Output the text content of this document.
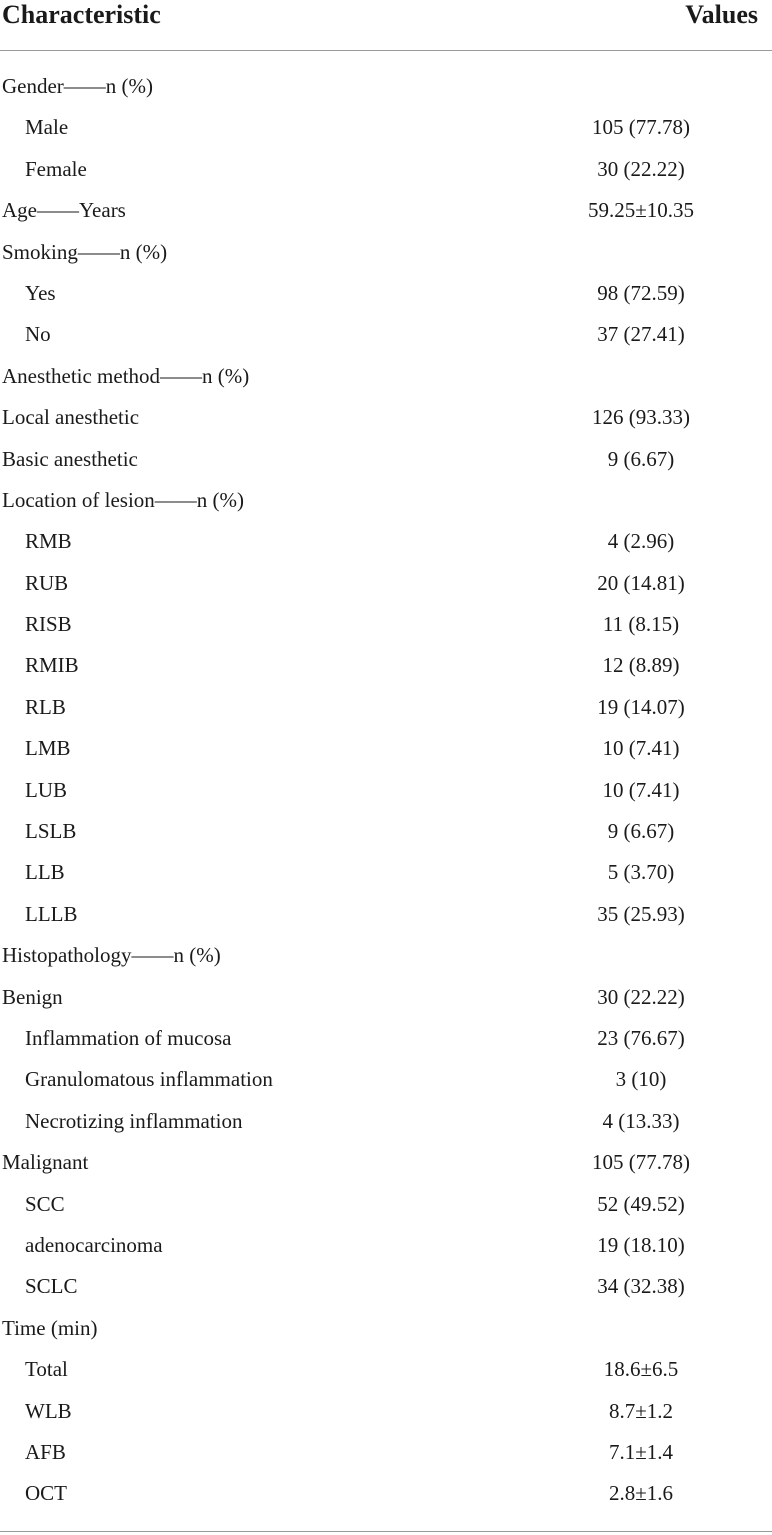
Characteristic	Values
Gender——n (%)
Male	105 (77.78)
Female	30 (22.22)
Age——Years	59.25±10.35
Smoking——n (%)
Yes	98 (72.59)
No	37 (27.41)
Anesthetic method——n (%)
Local anesthetic	126 (93.33)
Basic anesthetic	9 (6.67)
Location of lesion——n (%)
RMB	4 (2.96)
RUB	20 (14.81)
RISB	11 (8.15)
RMIB	12 (8.89)
RLB	19 (14.07)
LMB	10 (7.41)
LUB	10 (7.41)
LSLB	9 (6.67)
LLB	5 (3.70)
LLLB	35 (25.93)
Histopathology——n (%)
Benign	30 (22.22)
Inflammation of mucosa	23 (76.67)
Granulomatous inflammation	3 (10)
Necrotizing inflammation	4 (13.33)
Malignant	105 (77.78)
SCC	52 (49.52)
adenocarcinoma	19 (18.10)
SCLC	34 (32.38)
Time (min)
Total	18.6±6.5
WLB	8.7±1.2
AFB	7.1±1.4
OCT	2.8±1.6
